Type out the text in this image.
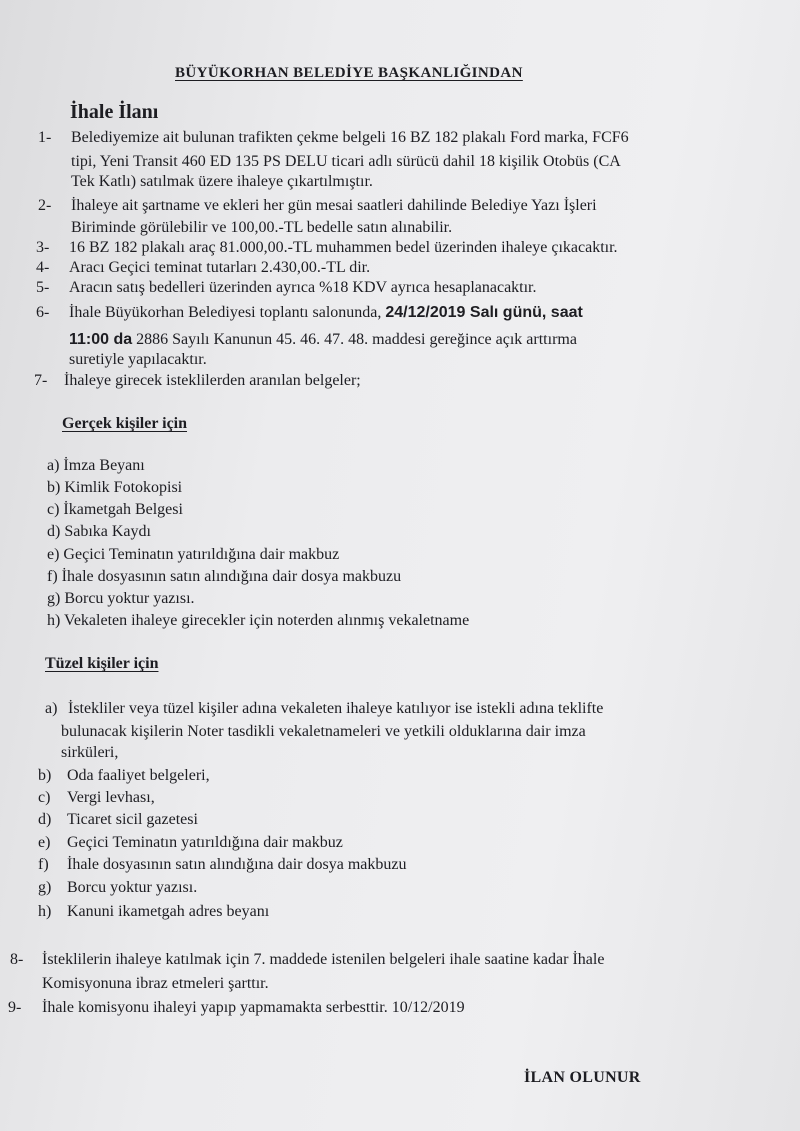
BÜYÜKORHAN BELEDİYE BAŞKANLIĞINDAN
İhale İlanı
1- Belediyemize ait bulunan trafikten çekme belgeli 16 BZ 182 plakalı Ford marka, FCF6
tipi, Yeni Transit 460 ED 135 PS DELU ticari adlı sürücü dahil 18 kişilik Otobüs (CA
Tek Katlı) satılmak üzere ihaleye çıkartılmıştır.
2- İhaleye ait şartname ve ekleri her gün mesai saatleri dahilinde Belediye Yazı İşleri
Biriminde görülebilir ve 100,00.-TL bedelle satın alınabilir.
3- 16 BZ 182 plakalı araç 81.000,00.-TL muhammen bedel üzerinden ihaleye çıkacaktır.
4- Aracı Geçici teminat tutarları 2.430,00.-TL dir.
5- Aracın satış bedelleri üzerinden ayrıca %18 KDV ayrıca hesaplanacaktır.
6- İhale Büyükorhan Belediyesi toplantı salonunda, 24/12/2019 Salı günü, saat
11:00 da 2886 Sayılı Kanunun 45. 46. 47. 48. maddesi gereğince açık arttırma
suretiyle yapılacaktır.
7- İhaleye girecek isteklilerden aranılan belgeler;
Gerçek kişiler için
a) İmza Beyanı
b) Kimlik Fotokopisi
c) İkametgah Belgesi
d) Sabıka Kaydı
e) Geçici Teminatın yatırıldığına dair makbuz
f) İhale dosyasının satın alındığına dair dosya makbuzu
g) Borcu yoktur yazısı.
h) Vekaleten ihaleye girecekler için noterden alınmış vekaletname
Tüzel kişiler için
a) İstekliler veya tüzel kişiler adına vekaleten ihaleye katılıyor ise istekli adına teklifte
bulunacak kişilerin Noter tasdikli vekaletnameleri ve yetkili olduklarına dair imza
sirküleri,
b) Oda faaliyet belgeleri,
c) Vergi levhası,
d) Ticaret sicil gazetesi
e) Geçici Teminatın yatırıldığına dair makbuz
f) İhale dosyasının satın alındığına dair dosya makbuzu
g) Borcu yoktur yazısı.
h) Kanuni ikametgah adres beyanı
8- İsteklilerin ihaleye katılmak için 7. maddede istenilen belgeleri ihale saatine kadar İhale
Komisyonuna ibraz etmeleri şarttır.
9- İhale komisyonu ihaleyi yapıp yapmamakta serbesttir. 10/12/2019
İLAN OLUNUR
